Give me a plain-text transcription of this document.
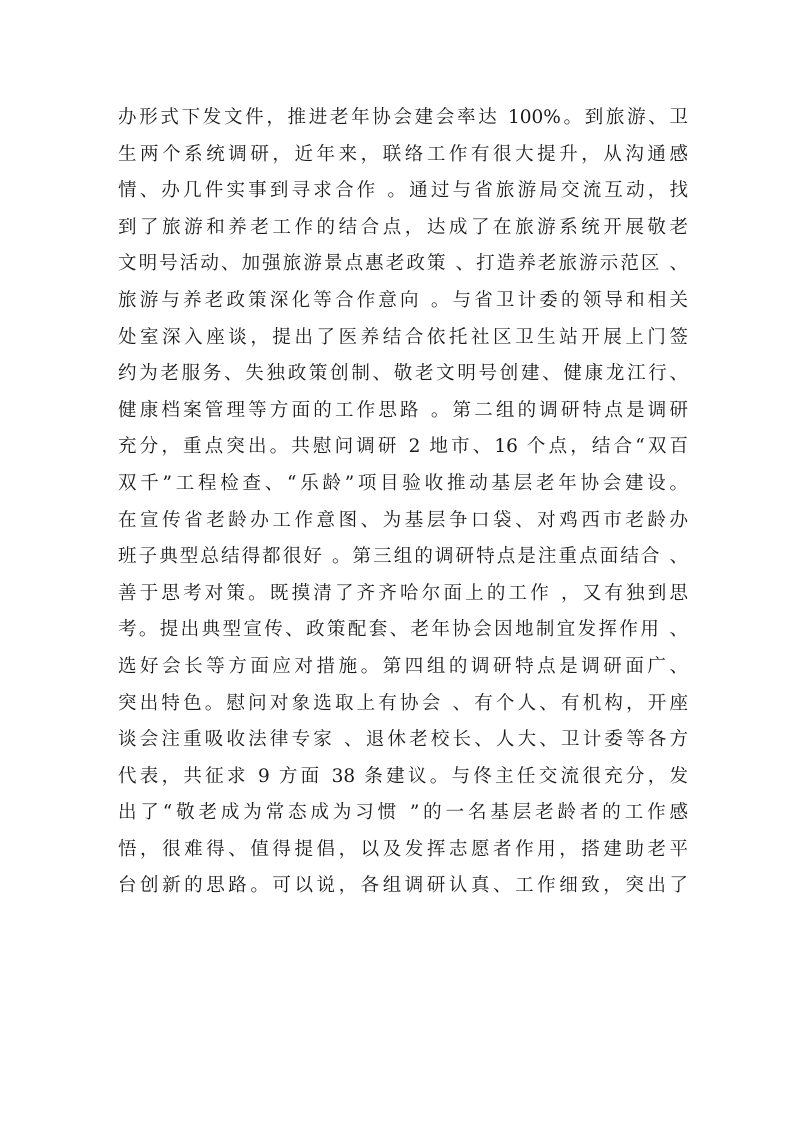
办形式下发文件，推进老年协会建会率达 100%。到旅游、卫
生两个系统调研，近年来，联络工作有很大提升，从沟通感
情、办几件实事到寻求合作 。通过与省旅游局交流互动，找
到了旅游和养老工作的结合点，达成了在旅游系统开展敬老
文明号活动、加强旅游景点惠老政策 、打造养老旅游示范区 、
旅游与养老政策深化等合作意向 。与省卫计委的领导和相关
处室深入座谈，提出了医养结合依托社区卫生站开展上门签
约为老服务、失独政策创制、敬老文明号创建、健康龙江行、
健康档案管理等方面的工作思路 。第二组的调研特点是调研
充分，重点突出。共慰问调研 2 地市、16 个点，结合“双百
双千”工程检查、“乐龄”项目验收推动基层老年协会建设。
在宣传省老龄办工作意图、为基层争口袋、对鸡西市老龄办
班子典型总结得都很好 。第三组的调研特点是注重点面结合 、
善于思考对策。既摸清了齐齐哈尔面上的工作 ，又有独到思
考。提出典型宣传、政策配套、老年协会因地制宜发挥作用 、
选好会长等方面应对措施。第四组的调研特点是调研面广、
突出特色。慰问对象选取上有协会 、有个人、有机构，开座
谈会注重吸收法律专家 、退休老校长、人大、卫计委等各方
代表，共征求 9 方面 38 条建议。与佟主任交流很充分，发
出了“敬老成为常态成为习惯 ”的一名基层老龄者的工作感
悟，很难得、值得提倡，以及发挥志愿者作用，搭建助老平
台创新的思路。可以说，各组调研认真、工作细致，突出了
